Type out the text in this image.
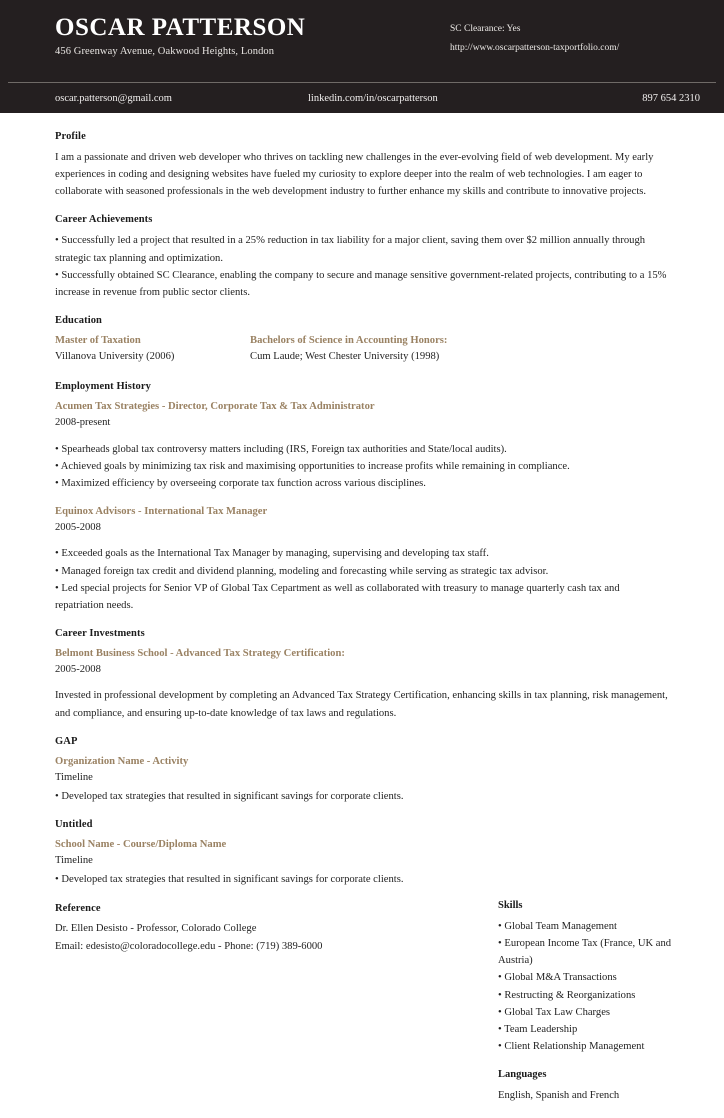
OSCAR PATTERSON
456 Greenway Avenue, Oakwood Heights, London
SC Clearance: Yes
http://www.oscarpatterson-taxportfolio.com/
oscar.patterson@gmail.com	linkedin.com/in/oscarpatterson	897 654 2310
Profile

I am a passionate and driven web developer who thrives on tackling new challenges in the ever-evolving field of web development. My early experiences in coding and designing websites have fueled my curiosity to explore deeper into the realm of web technologies. I am eager to collaborate with seasoned professionals in the web development industry to further enhance my skills and contribute to innovative projects.

Career Achievements
• Successfully led a project that resulted in a 25% reduction in tax liability for a major client, saving them over $2 million annually through strategic tax planning and optimization.
• Successfully obtained SC Clearance, enabling the company to secure and manage sensitive government-related projects, contributing to a 15% increase in revenue from public sector clients.
Education
Master of Taxation
Villanova University (2006)
Bachelors of Science in Accounting Honors:
Cum Laude; West Chester University (1998)
Employment History
Acumen Tax Strategies - Director, Corporate Tax & Tax Administrator
2008-present
• Spearheads global tax controversy matters including (IRS, Foreign tax authorities and State/local audits).
• Achieved goals by minimizing tax risk and maximising opportunities to increase profits while remaining in compliance.
• Maximized efficiency by overseeing corporate tax function across various disciplines.
Equinox Advisors - International Tax Manager
2005-2008
• Exceeded goals as the International Tax Manager by managing, supervising and developing tax staff.
• Managed foreign tax credit and dividend planning, modeling and forecasting while serving as strategic tax advisor.
• Led special projects for Senior VP of Global Tax Cepartment as well as collaborated with treasury to manage quarterly cash tax and repatriation needs.
Career Investments
Belmont Business School - Advanced Tax Strategy Certification:
2005-2008

Invested in professional development by completing an Advanced Tax Strategy Certification, enhancing skills in tax planning, risk management, and compliance, and ensuring up-to-date knowledge of tax laws and regulations.

GAP
Organization Name - Activity
Timeline
• Developed tax strategies that resulted in significant savings for corporate clients.
Untitled
School Name - Course/Diploma Name
Timeline
• Developed tax strategies that resulted in significant savings for corporate clients.
Reference
Dr. Ellen Desisto - Professor, Colorado College
Email: edesisto@coloradocollege.edu - Phone: (719) 389-6000
Skills
• Global Team Management
• European Income Tax (France, UK and Austria)
• Global M&A Transactions
• Restructing & Reorganizations
• Global Tax Law Charges
• Team Leadership
• Client Relationship Management
Languages
English, Spanish and French
